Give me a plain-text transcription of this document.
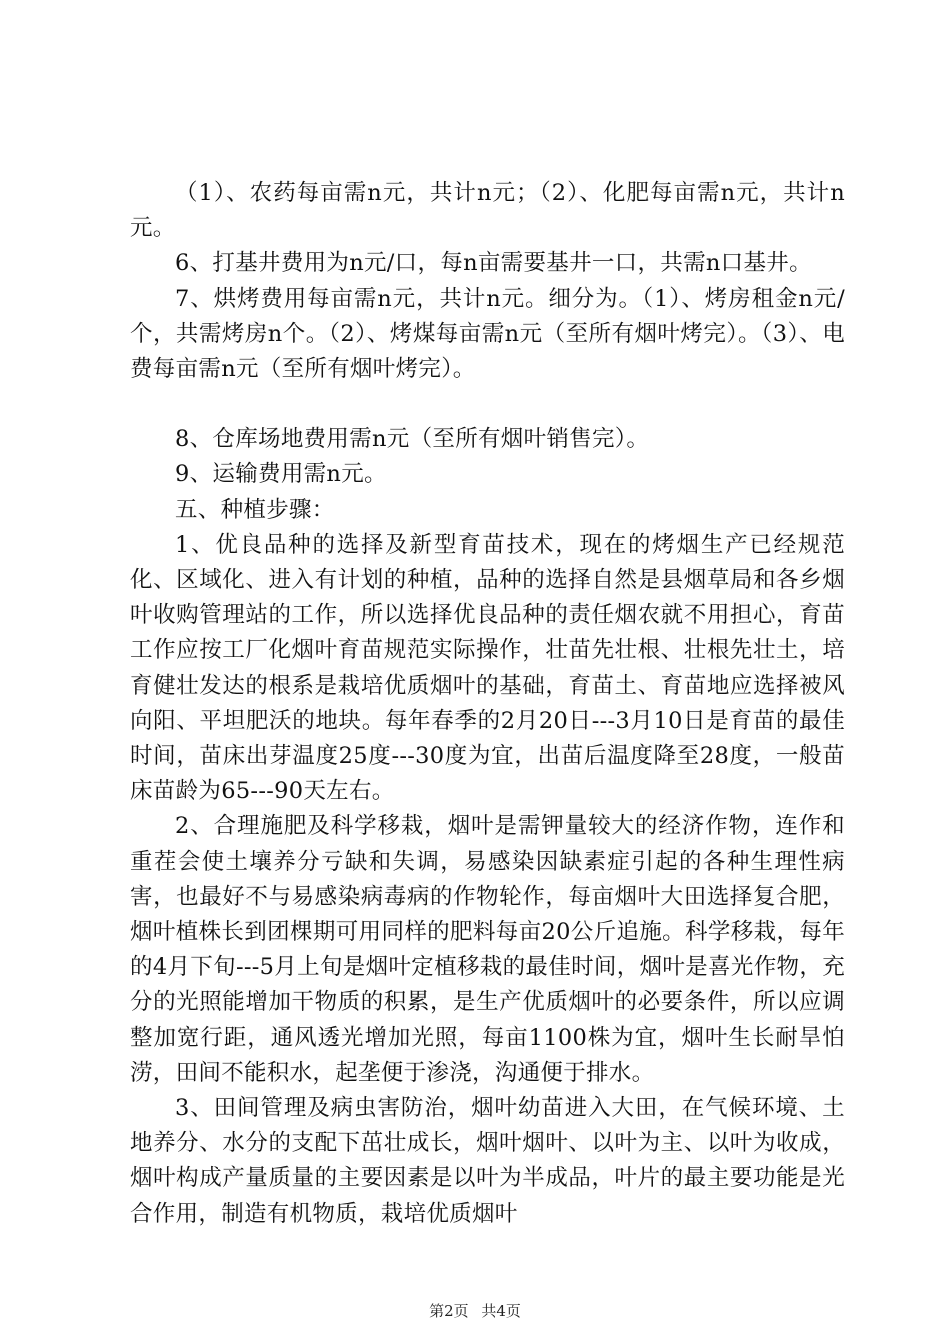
（1）、农药每亩需n元，共计n元；（2）、化肥每亩需n元，共计n元。

6、打基井费用为n元/口，每n亩需要基井一口，共需n口基井。

7、烘烤费用每亩需n元，共计n元。细分为。（1）、烤房租金n元/个，共需烤房n个。（2）、烤煤每亩需n元（至所有烟叶烤完）。（3）、电费每亩需n元（至所有烟叶烤完）。

8、仓库场地费用需n元（至所有烟叶销售完）。

9、运输费用需n元。

五、种植步骤：

1、优良品种的选择及新型育苗技术，现在的烤烟生产已经规范化、区域化、进入有计划的种植，品种的选择自然是县烟草局和各乡烟叶收购管理站的工作，所以选择优良品种的责任烟农就不用担心，育苗工作应按工厂化烟叶育苗规范实际操作，壮苗先壮根、壮根先壮土，培育健壮发达的根系是栽培优质烟叶的基础，育苗土、育苗地应选择被风向阳、平坦肥沃的地块。每年春季的2月20日---3月10日是育苗的最佳时间，苗床出芽温度25度---30度为宜，出苗后温度降至28度，一般苗床苗龄为65---90天左右。

2、合理施肥及科学移栽，烟叶是需钾量较大的经济作物，连作和重茬会使土壤养分亏缺和失调，易感染因缺素症引起的各种生理性病害，也最好不与易感染病毒病的作物轮作，每亩烟叶大田选择复合肥，烟叶植株长到团棵期可用同样的肥料每亩20公斤追施。科学移栽，每年的4月下旬---5月上旬是烟叶定植移栽的最佳时间，烟叶是喜光作物，充分的光照能增加干物质的积累，是生产优质烟叶的必要条件，所以应调整加宽行距，通风透光增加光照，每亩1100株为宜，烟叶生长耐旱怕涝，田间不能积水，起垄便于渗浇，沟通便于排水。

3、田间管理及病虫害防治，烟叶幼苗进入大田，在气候环境、土地养分、水分的支配下茁壮成长，烟叶烟叶、以叶为主、以叶为收成，烟叶构成产量质量的主要因素是以叶为半成品，叶片的最主要功能是光合作用，制造有机物质，栽培优质烟叶

第2页 共4页
